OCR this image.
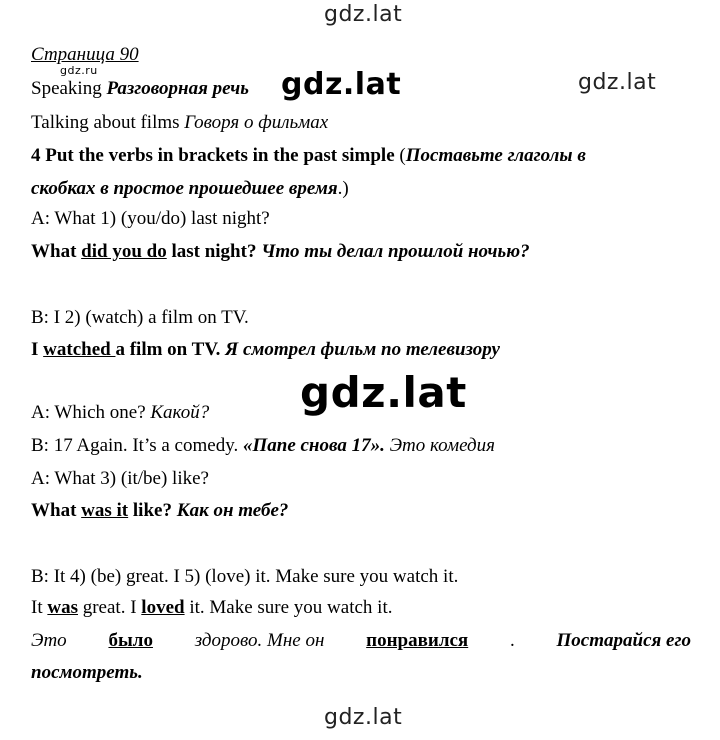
gdz.lat
gdz.lat
gdz.ru
Страница 90
Speaking Разговорная речь gdz.lat
Talking about films Говоря о фильмах
4 Put the verbs in brackets in the past simple (Поставьте глаголы в
скобках в простое прошедшее время.)
A: What 1) (you/do) last night?
What did you do last night? Что ты делал прошлой ночью?
B: I 2) (watch) a film on TV.
I watched a film on TV. Я смотрел фильм по телевизору
gdz.lat
A: Which one? Какой?
B: 17 Again. It’s a comedy. «Папе снова 17». Это комедия
A: What 3) (it/be) like?
What was it like? Как он тебе?
B: It 4) (be) great. I 5) (love) it. Make sure you watch it.
It was great. I loved it. Make sure you watch it.
Это было здорово. Мне он понравился . Постарайся его
посмотреть.
gdz.lat
